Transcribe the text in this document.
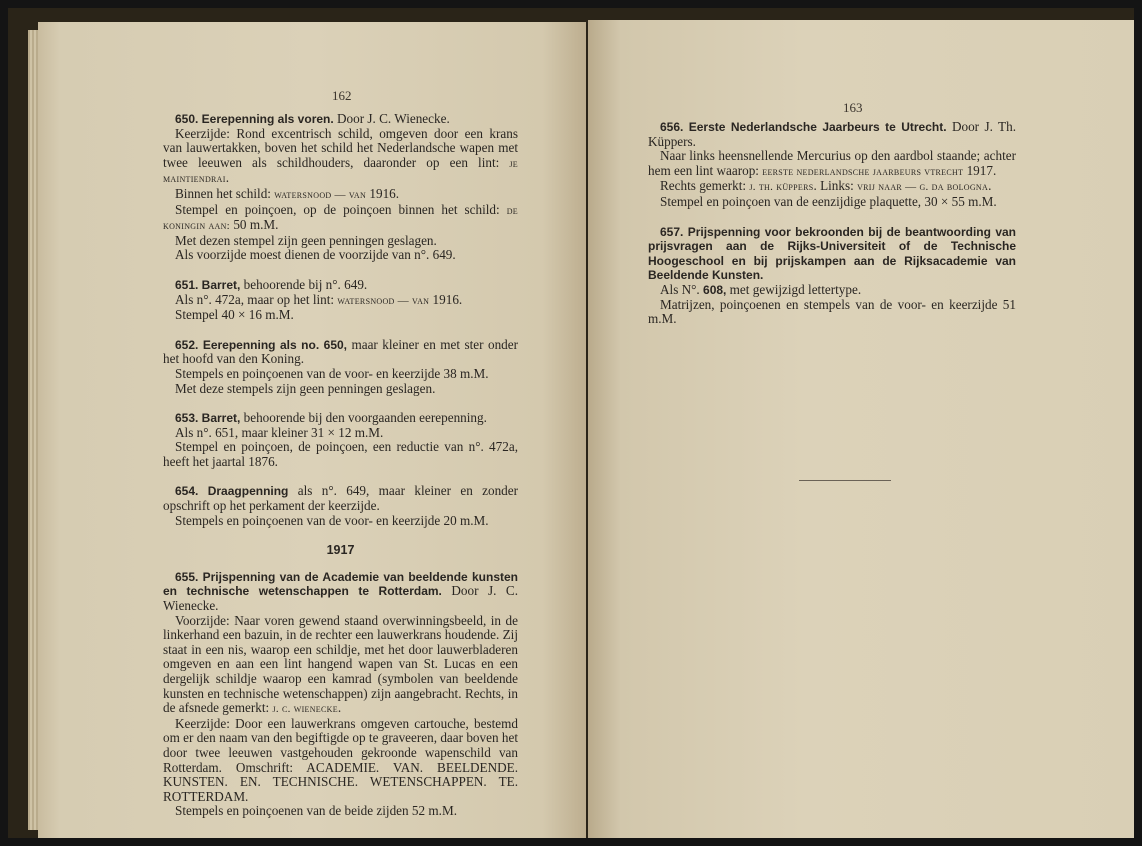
162

650. Eerepenning als voren. Door J. C. Wienecke.

Keerzijde: Rond excentrisch schild, omgeven door een krans van lauwertakken, boven het schild het Nederlandsche wapen met twee leeuwen als schildhouders, daaronder op een lint: je maintiendrai.

Binnen het schild: watersnood — van 1916.

Stempel en poinçoen, op de poinçoen binnen het schild: de koningin aan: 50 m.M.

Met dezen stempel zijn geen penningen geslagen.

Als voorzijde moest dienen de voorzijde van n°. 649.

651. Barret, behoorende bij n°. 649.

Als n°. 472a, maar op het lint: watersnood — van 1916.

Stempel 40 × 16 m.M.

652. Eerepenning als no. 650, maar kleiner en met ster onder het hoofd van den Koning.

Stempels en poinçoenen van de voor- en keerzijde 38 m.M.

Met deze stempels zijn geen penningen geslagen.

653. Barret, behoorende bij den voorgaanden eerepenning.

Als n°. 651, maar kleiner 31 × 12 m.M.

Stempel en poinçoen, de poinçoen, een reductie van n°. 472a, heeft het jaartal 1876.

654. Draagpenning als n°. 649, maar kleiner en zonder opschrift op het perkament der keerzijde.

Stempels en poinçoenen van de voor- en keerzijde 20 m.M.

1917

655. Prijspenning van de Academie van beeldende kunsten en technische wetenschappen te Rotterdam. Door J. C. Wienecke.

Voorzijde: Naar voren gewend staand overwinningsbeeld, in de linkerhand een bazuin, in de rechter een lauwerkrans houdende. Zij staat in een nis, waarop een schildje, met het door lauwerbladeren omgeven en aan een lint hangend wapen van St. Lucas en een dergelijk schildje waarop een kamrad (symbolen van beeldende kunsten en technische wetenschappen) zijn aangebracht. Rechts, in de afsnede gemerkt: j. c. wienecke.

Keerzijde: Door een lauwerkrans omgeven cartouche, bestemd om er den naam van den begiftigde op te graveeren, daar boven het door twee leeuwen vastgehouden gekroonde wapenschild van Rotterdam. Omschrift: ACADEMIE. VAN. BEELDENDE. KUNSTEN. EN. TECHNISCHE. WETENSCHAPPEN. TE. ROTTERDAM.

Stempels en poinçoenen van de beide zijden 52 m.M.

163

656. Eerste Nederlandsche Jaarbeurs te Utrecht. Door J. Th. Küppers.

Naar links heensnellende Mercurius op den aardbol staande; achter hem een lint waarop: eerste nederlandsche jaarbeurs vtrecht 1917.

Rechts gemerkt: j. th. küppers. Links: vrij naar — g. da bologna.

Stempel en poinçoen van de eenzijdige plaquette, 30 × 55 m.M.

657. Prijspenning voor bekroonden bij de beantwoording van prijsvragen aan de Rijks-Universiteit of de Technische Hoogeschool en bij prijskampen aan de Rijksacademie van Beeldende Kunsten.

Als N°. 608, met gewijzigd lettertype.

Matrijzen, poinçoenen en stempels van de voor- en keerzijde 51 m.M.
